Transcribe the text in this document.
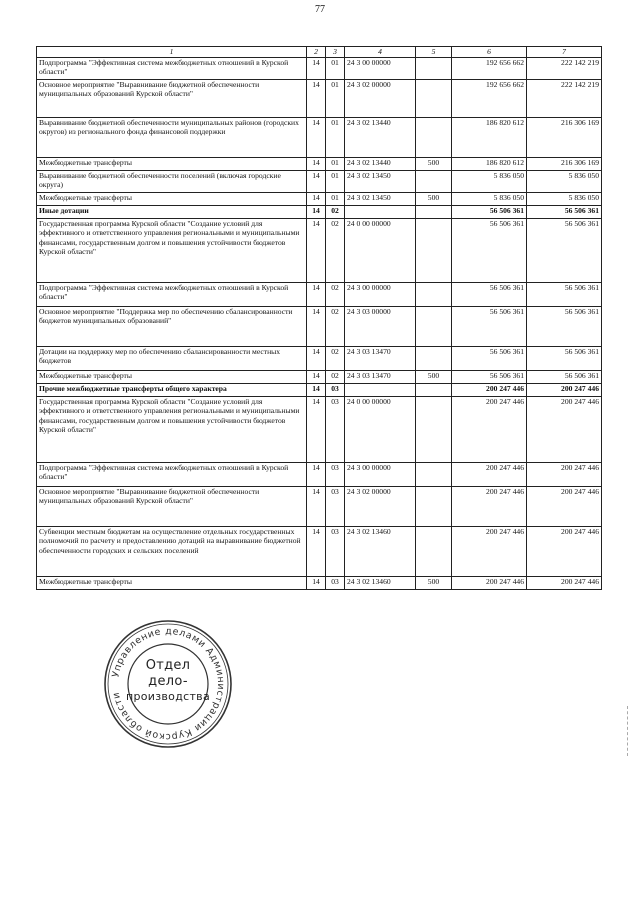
77
1	2	3	4	5	6	7
Подпрограмма "Эффективная система межбюджетных отношений в Курской области"	14	01	24 3 00 00000		192 656 662	222 142 219
Основное мероприятие "Выравнивание бюджетной обеспеченности муниципальных образований Курской области"	14	01	24 3 02 00000		192 656 662	222 142 219
Выравнивание бюджетной обеспеченности муниципальных районов (городских округов) из регионального фонда финансовой поддержки	14	01	24 3 02 13440		186 820 612	216 306 169
Межбюджетные трансферты	14	01	24 3 02 13440	500	186 820 612	216 306 169
Выравнивание бюджетной обеспеченности поселений (включая городские округа)	14	01	24 3 02 13450		5 836 050	5 836 050
Межбюджетные трансферты	14	01	24 3 02 13450	500	5 836 050	5 836 050
Иные дотации	14	02			56 506 361	56 506 361
Государственная программа Курской области "Создание условий для эффективного и ответственного управления региональными и муниципальными финансами, государственным долгом и повышения устойчивости бюджетов Курской области"	14	02	24 0 00 00000		56 506 361	56 506 361
Подпрограмма "Эффективная система межбюджетных отношений в Курской области"	14	02	24 3 00 00000		56 506 361	56 506 361
Основное мероприятие "Поддержка мер по обеспечению сбалансированности бюджетов муниципальных образований"	14	02	24 3 03 00000		56 506 361	56 506 361
Дотации на поддержку мер по обеспечению сбалансированности местных бюджетов	14	02	24 3 03 13470		56 506 361	56 506 361
Межбюджетные трансферты	14	02	24 3 03 13470	500	56 506 361	56 506 361
Прочие межбюджетные трансферты общего характера	14	03			200 247 446	200 247 446
Государственная программа Курской области "Создание условий для эффективного и ответственного управления региональными и муниципальными финансами, государственным долгом и повышения устойчивости бюджетов Курской области"	14	03	24 0 00 00000		200 247 446	200 247 446
Подпрограмма "Эффективная система межбюджетных отношений в Курской области"	14	03	24 3 00 00000		200 247 446	200 247 446
Основное мероприятие "Выравнивание бюджетной обеспеченности муниципальных образований Курской области"	14	03	24 3 02 00000		200 247 446	200 247 446
Субвенции местным бюджетам на осуществление отдельных государственных полномочий по расчету и предоставлению дотаций на выравнивание бюджетной обеспеченности городских и сельских поселений	14	03	24 3 02 13460		200 247 446	200 247 446
Межбюджетные трансферты	14	03	24 3 02 13460	500	200 247 446	200 247 446
Управление делами Администрации Курской области
Отдел
делo-
производства
